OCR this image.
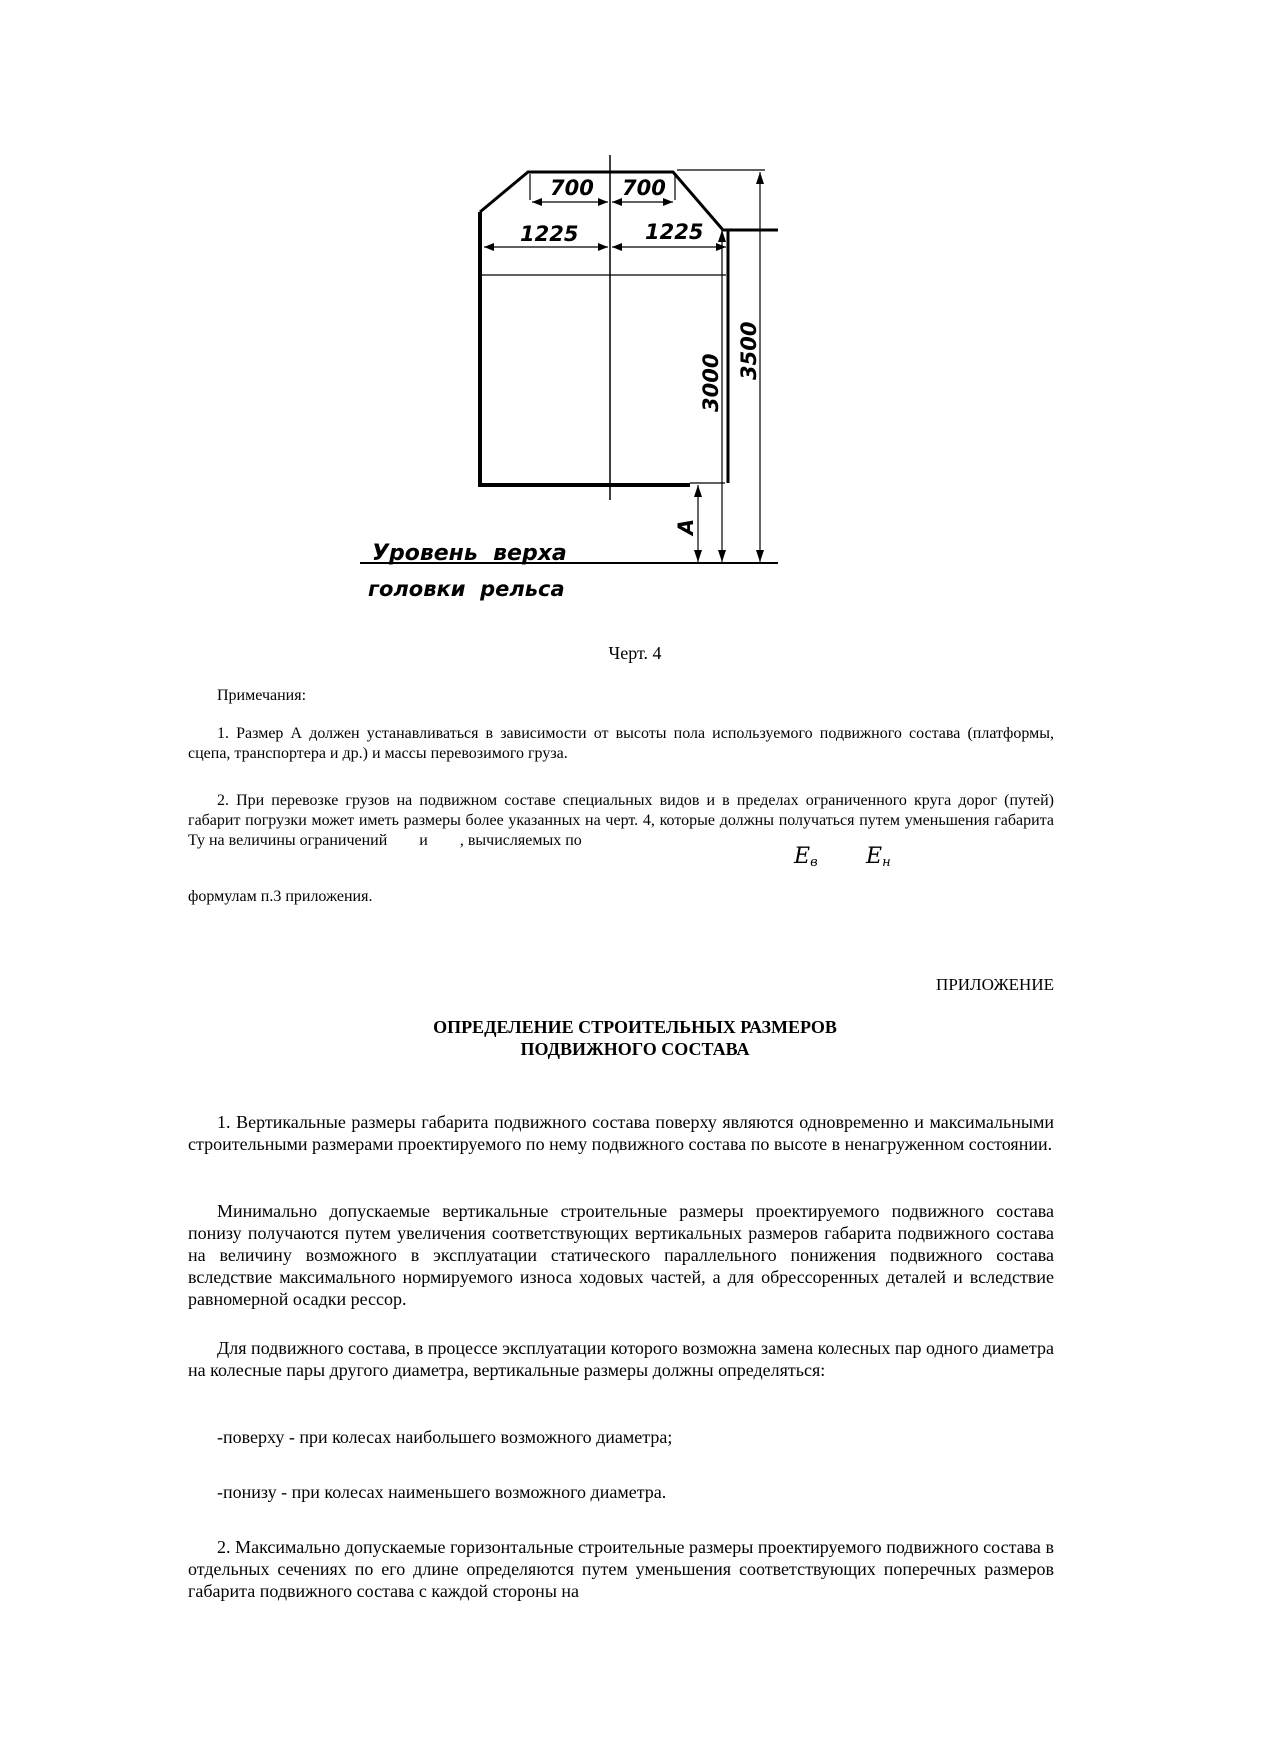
700 700
1225	1225
3000
3500
А
Уровень  верха
головки  рельса
Черт. 4
Примечания:

1. Размер А должен устанавливаться в зависимости от высоты пола используемого подвижного состава (платформы, сцепа, транспортера и др.) и массы перевозимого груза.

2. При перевозке грузов на подвижном составе специальных видов и в пределах ограниченного круга дорог (путей) габарит погрузки может иметь размеры более указанных на черт. 4, которые должны получаться путем уменьшения габарита Ту на величины ограничений        и        , вычисляемых по

$E_в$ $E_н$
формулам п.3 приложения.
ПРИЛОЖЕНИЕ
ОПРЕДЕЛЕНИЕ СТРОИТЕЛЬНЫХ РАЗМЕРОВ
ПОДВИЖНОГО СОСТАВА

1. Вертикальные размеры габарита подвижного состава поверху являются одновременно и максимальными строительными размерами проектируемого по нему подвижного состава по высоте в ненагруженном состоянии.

Минимально допускаемые вертикальные строительные размеры проектируемого подвижного состава понизу получаются путем увеличения соответствующих вертикальных размеров габарита подвижного состава на величину возможного в эксплуатации статического параллельного понижения подвижного состава вследствие максимального нормируемого износа ходовых частей, а для обрессоренных деталей и вследствие равномерной осадки рессор.

Для подвижного состава, в процессе эксплуатации которого возможна замена колесных пар одного диаметра на колесные пары другого диаметра, вертикальные размеры должны определяться:

-поверху - при колесах наибольшего возможного диаметра;

-понизу - при колесах наименьшего возможного диаметра.

2. Максимально допускаемые горизонтальные строительные размеры проектируемого подвижного состава в отдельных сечениях по его длине определяются путем уменьшения соответствующих поперечных размеров габарита подвижного состава с каждой стороны на
